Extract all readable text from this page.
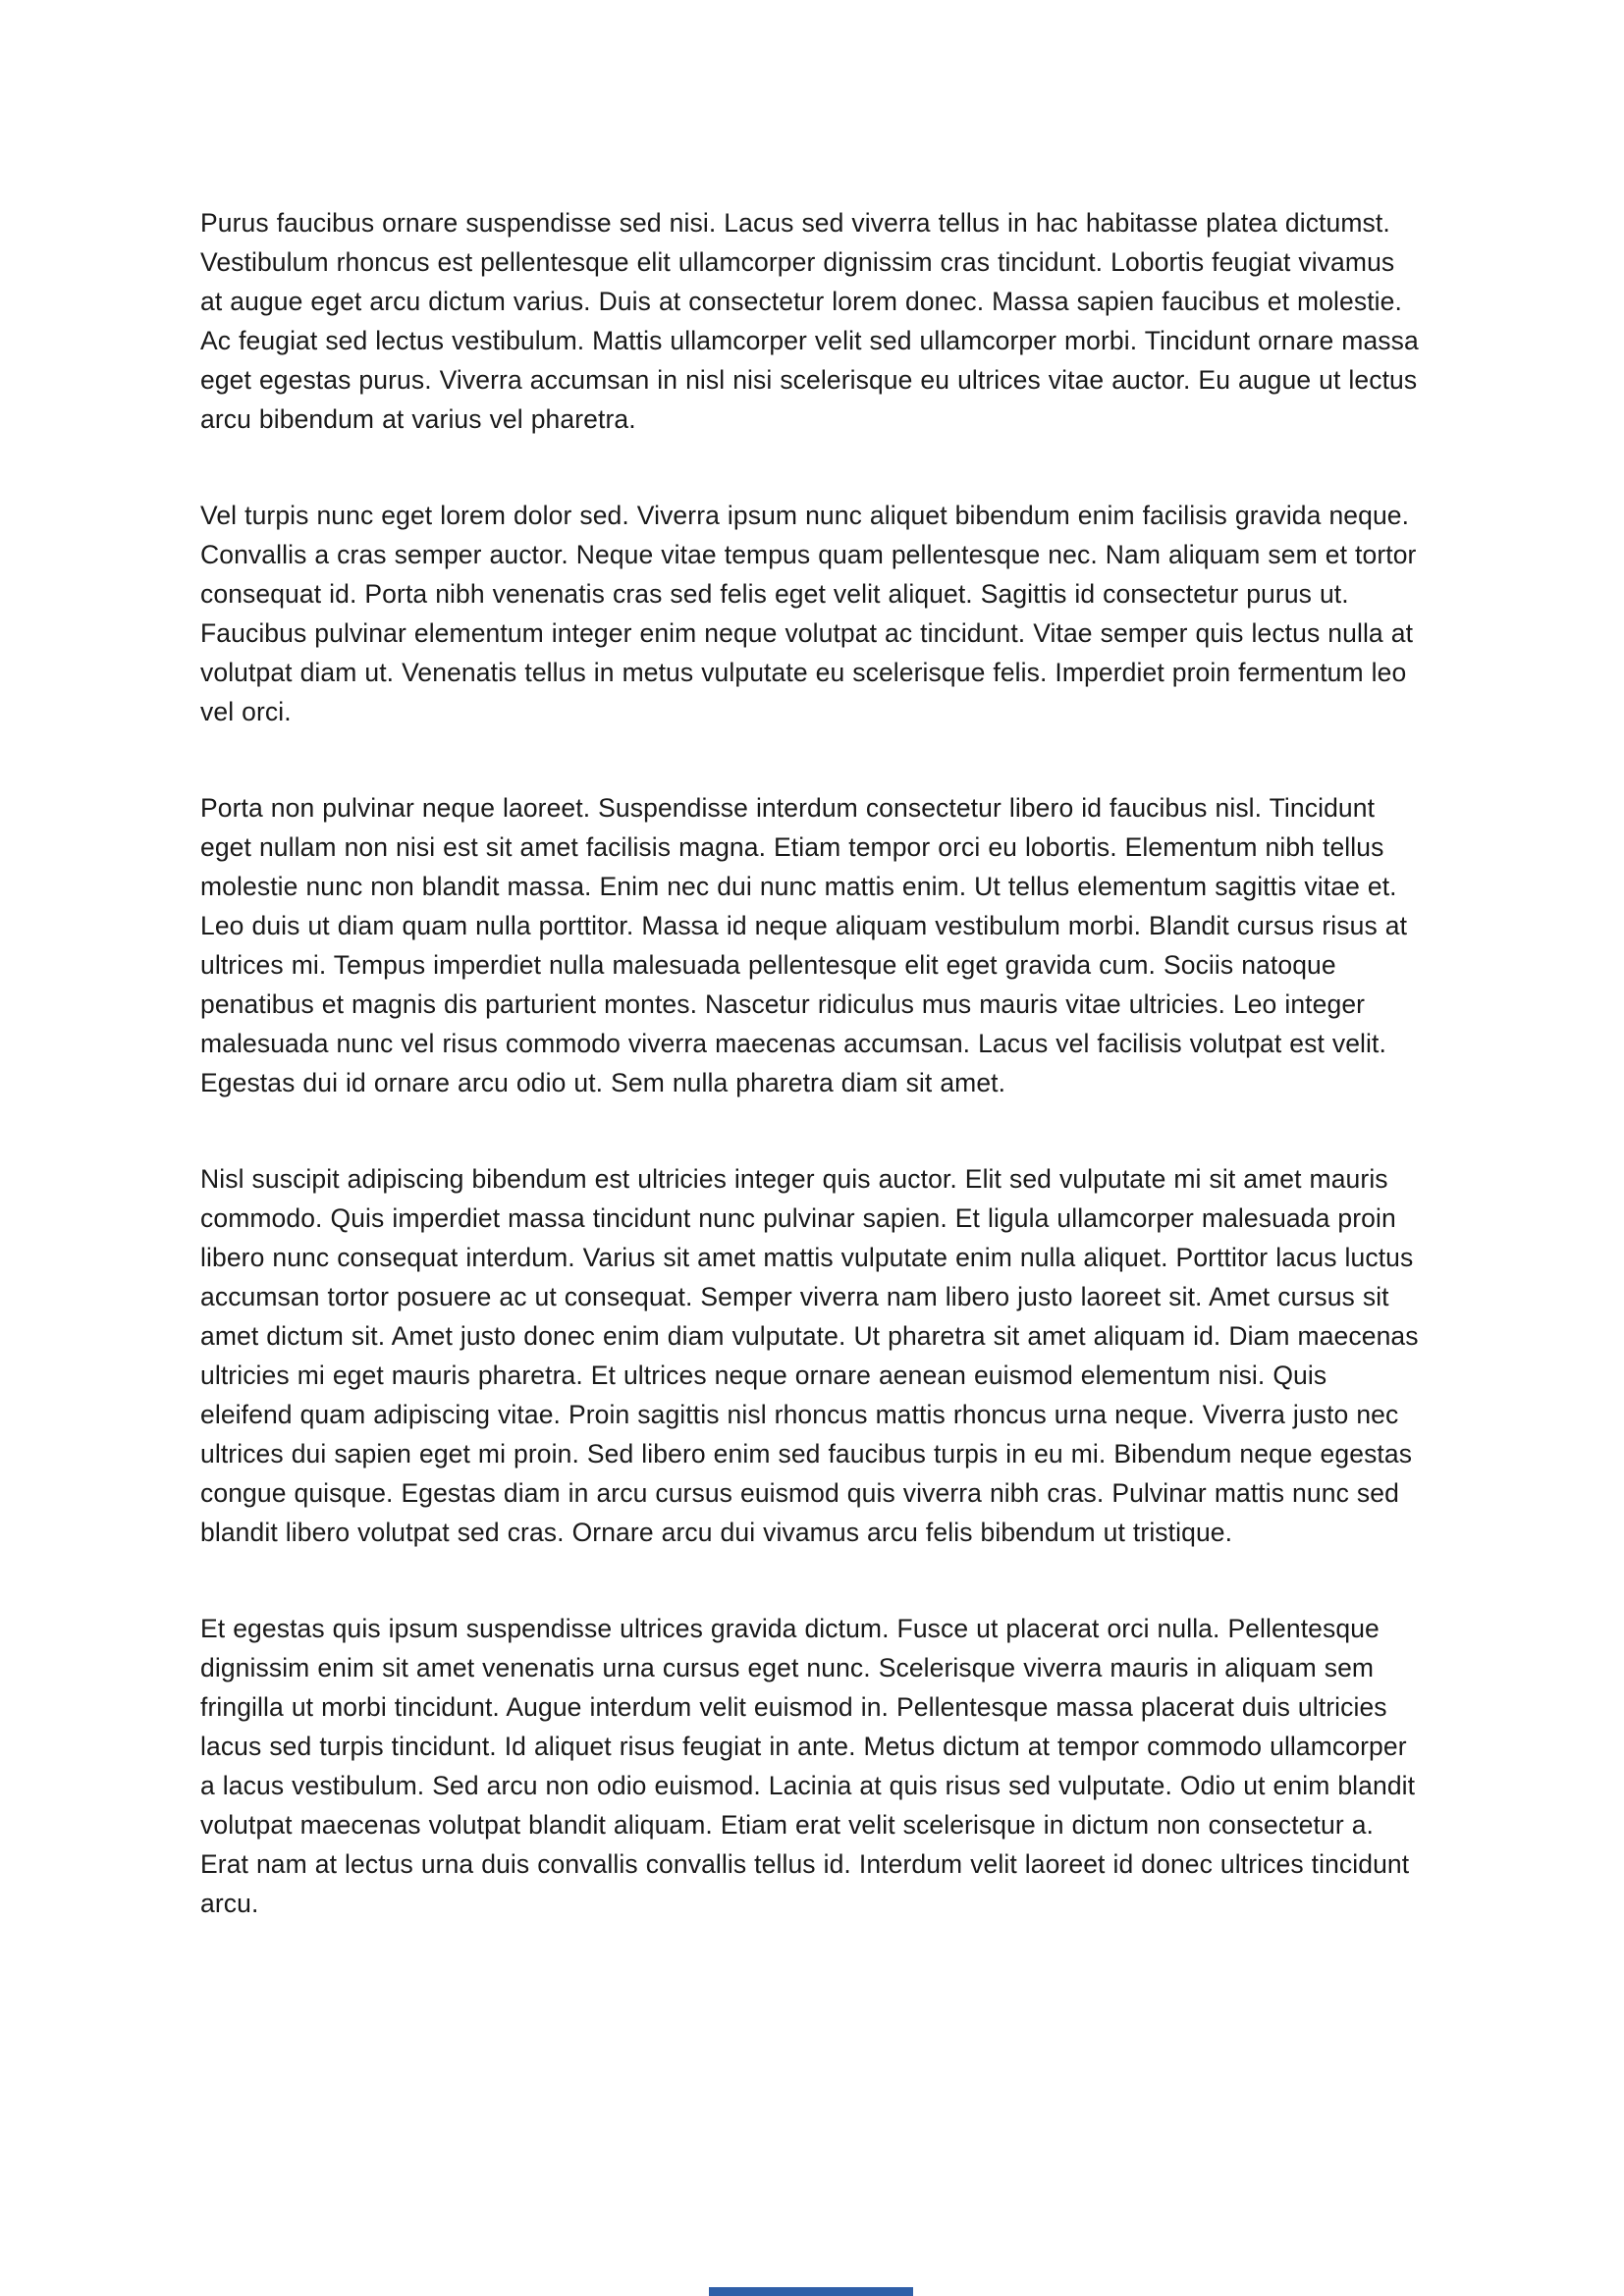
Purus faucibus ornare suspendisse sed nisi. Lacus sed viverra tellus in hac habitasse platea dictumst. Vestibulum rhoncus est pellentesque elit ullamcorper dignissim cras tincidunt. Lobortis feugiat vivamus at augue eget arcu dictum varius. Duis at consectetur lorem donec. Massa sapien faucibus et molestie. Ac feugiat sed lectus vestibulum. Mattis ullamcorper velit sed ullamcorper morbi. Tincidunt ornare massa eget egestas purus. Viverra accumsan in nisl nisi scelerisque eu ultrices vitae auctor. Eu augue ut lectus arcu bibendum at varius vel pharetra.

Vel turpis nunc eget lorem dolor sed. Viverra ipsum nunc aliquet bibendum enim facilisis gravida neque. Convallis a cras semper auctor. Neque vitae tempus quam pellentesque nec. Nam aliquam sem et tortor consequat id. Porta nibh venenatis cras sed felis eget velit aliquet. Sagittis id consectetur purus ut. Faucibus pulvinar elementum integer enim neque volutpat ac tincidunt. Vitae semper quis lectus nulla at volutpat diam ut. Venenatis tellus in metus vulputate eu scelerisque felis. Imperdiet proin fermentum leo vel orci.

Porta non pulvinar neque laoreet. Suspendisse interdum consectetur libero id faucibus nisl. Tincidunt eget nullam non nisi est sit amet facilisis magna. Etiam tempor orci eu lobortis. Elementum nibh tellus molestie nunc non blandit massa. Enim nec dui nunc mattis enim. Ut tellus elementum sagittis vitae et. Leo duis ut diam quam nulla porttitor. Massa id neque aliquam vestibulum morbi. Blandit cursus risus at ultrices mi. Tempus imperdiet nulla malesuada pellentesque elit eget gravida cum. Sociis natoque penatibus et magnis dis parturient montes. Nascetur ridiculus mus mauris vitae ultricies. Leo integer malesuada nunc vel risus commodo viverra maecenas accumsan. Lacus vel facilisis volutpat est velit. Egestas dui id ornare arcu odio ut. Sem nulla pharetra diam sit amet.

Nisl suscipit adipiscing bibendum est ultricies integer quis auctor. Elit sed vulputate mi sit amet mauris commodo. Quis imperdiet massa tincidunt nunc pulvinar sapien. Et ligula ullamcorper malesuada proin libero nunc consequat interdum. Varius sit amet mattis vulputate enim nulla aliquet. Porttitor lacus luctus accumsan tortor posuere ac ut consequat. Semper viverra nam libero justo laoreet sit. Amet cursus sit amet dictum sit. Amet justo donec enim diam vulputate. Ut pharetra sit amet aliquam id. Diam maecenas ultricies mi eget mauris pharetra. Et ultrices neque ornare aenean euismod elementum nisi. Quis eleifend quam adipiscing vitae. Proin sagittis nisl rhoncus mattis rhoncus urna neque. Viverra justo nec ultrices dui sapien eget mi proin. Sed libero enim sed faucibus turpis in eu mi. Bibendum neque egestas congue quisque. Egestas diam in arcu cursus euismod quis viverra nibh cras. Pulvinar mattis nunc sed blandit libero volutpat sed cras. Ornare arcu dui vivamus arcu felis bibendum ut tristique.

Et egestas quis ipsum suspendisse ultrices gravida dictum. Fusce ut placerat orci nulla. Pellentesque dignissim enim sit amet venenatis urna cursus eget nunc. Scelerisque viverra mauris in aliquam sem fringilla ut morbi tincidunt. Augue interdum velit euismod in. Pellentesque massa placerat duis ultricies lacus sed turpis tincidunt. Id aliquet risus feugiat in ante. Metus dictum at tempor commodo ullamcorper a lacus vestibulum. Sed arcu non odio euismod. Lacinia at quis risus sed vulputate. Odio ut enim blandit volutpat maecenas volutpat blandit aliquam. Etiam erat velit scelerisque in dictum non consectetur a. Erat nam at lectus urna duis convallis convallis tellus id. Interdum velit laoreet id donec ultrices tincidunt arcu.
